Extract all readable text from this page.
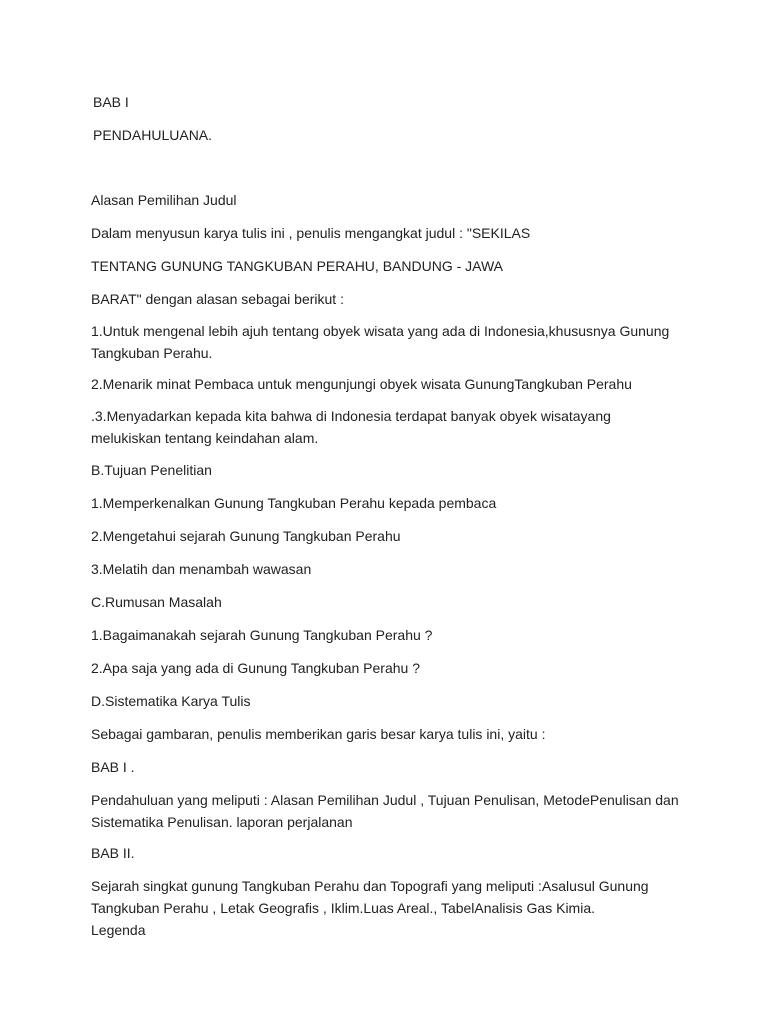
BAB I
PENDAHULUANA.
Alasan Pemilihan Judul
Dalam menyusun karya tulis ini , penulis mengangkat judul : "SEKILAS
TENTANG GUNUNG TANGKUBAN PERAHU, BANDUNG - JAWA
BARAT" dengan alasan sebagai berikut :
1.Untuk mengenal lebih ajuh tentang obyek wisata yang ada di Indonesia,khususnya Gunung Tangkuban Perahu.
2.Menarik minat Pembaca untuk mengunjungi obyek wisata GunungTangkuban Perahu
.3.Menyadarkan kepada kita bahwa di Indonesia terdapat banyak obyek wisatayang melukiskan tentang keindahan alam.
B.Tujuan Penelitian
1.Memperkenalkan Gunung Tangkuban Perahu kepada pembaca
2.Mengetahui sejarah Gunung Tangkuban Perahu
3.Melatih dan menambah wawasan
C.Rumusan Masalah
1.Bagaimanakah sejarah Gunung Tangkuban Perahu ?
2.Apa saja yang ada di Gunung Tangkuban Perahu ?
D.Sistematika Karya Tulis
Sebagai gambaran, penulis memberikan garis besar karya tulis ini, yaitu :
BAB I .
Pendahuluan yang meliputi : Alasan Pemilihan Judul , Tujuan Penulisan, MetodePenulisan dan Sistematika Penulisan. laporan perjalanan
BAB II.
Sejarah singkat gunung Tangkuban Perahu dan Topografi yang meliputi :Asalusul Gunung Tangkuban Perahu , Letak Geografis , Iklim.Luas Areal., TabelAnalisis Gas Kimia. Legenda
